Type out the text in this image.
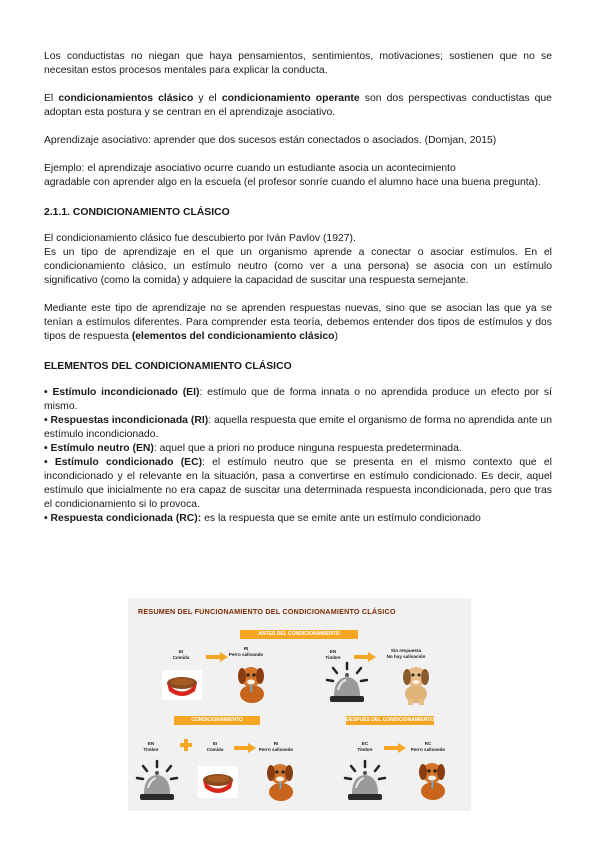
Los conductistas no niegan que haya pensamientos, sentimientos, motivaciones; sostienen que no se necesitan estos procesos mentales para explicar la conducta.

El condicionamientos clásico y el condicionamiento operante son dos perspectivas conductistas que adoptan esta postura y se centran en el aprendizaje asociativo.

Aprendizaje asociativo: aprender que dos sucesos están conectados o asociados. (Domjan, 2015)

Ejemplo: el aprendizaje asociativo ocurre cuando un estudiante asocia un acontecimiento

agradable con aprender algo en la escuela (el profesor sonríe cuando el alumno hace una buena pregunta).

2.1.1. CONDICIONAMIENTO CLÁSICO

El condicionamiento clásico fue descubierto por Iván Pavlov (1927).

Es un tipo de aprendizaje en el que un organismo aprende a conectar o asociar estímulos. En el condicionamiento clásico, un estímulo neutro (como ver a una persona) se asocia con un estímulo significativo (como la comida) y adquiere la capacidad de suscitar una respuesta semejante.

Mediante este tipo de aprendizaje no se aprenden respuestas nuevas, sino que se asocian las que ya se tenían a estímulos diferentes. Para comprender esta teoría, debemos entender dos tipos de estímulos y dos tipos de respuesta (elementos del condicionamiento clásico)

ELEMENTOS DEL CONDICIONAMIENTO CLÁSICO

• Estímulo incondicionado (EI): estímulo que de forma innata o no aprendida produce un efecto por sí mismo.

• Respuestas incondicionada (RI): aquella respuesta que emite el organismo de forma no aprendida ante un estímulo incondicionado.

• Estímulo neutro (EN): aquel que a priori no produce ninguna respuesta predeterminada.

• Estímulo condicionado (EC): el estímulo neutro que se presenta en el mismo contexto que el incondicionado y el relevante en la situación, pasa a convertirse en estímulo condicionado. Es decir, aquel estímulo que inicialmente no era capaz de suscitar una determinada respuesta incondicionada, pero que tras el condicionamiento si lo provoca.

• Respuesta condicionada (RC): es la respuesta que se emite ante un estímulo condicionado

RESUMEN DEL FUNCIONAMIENTO DEL CONDICIONAMIENTO CLÁSICO
ANTES DEL CONDICIONAMIENTO
EI
Comida
RI
Perro salivando	EN
Timbre
Sin respuesta
No hay salivación
CONDICIONAMIENTO	DESPUÉS DEL CONDICIONAMIENTO
EN
Timbre
EI
Comida
RI
Perro salivando
EC
Timbre
RC
Perro salivando
